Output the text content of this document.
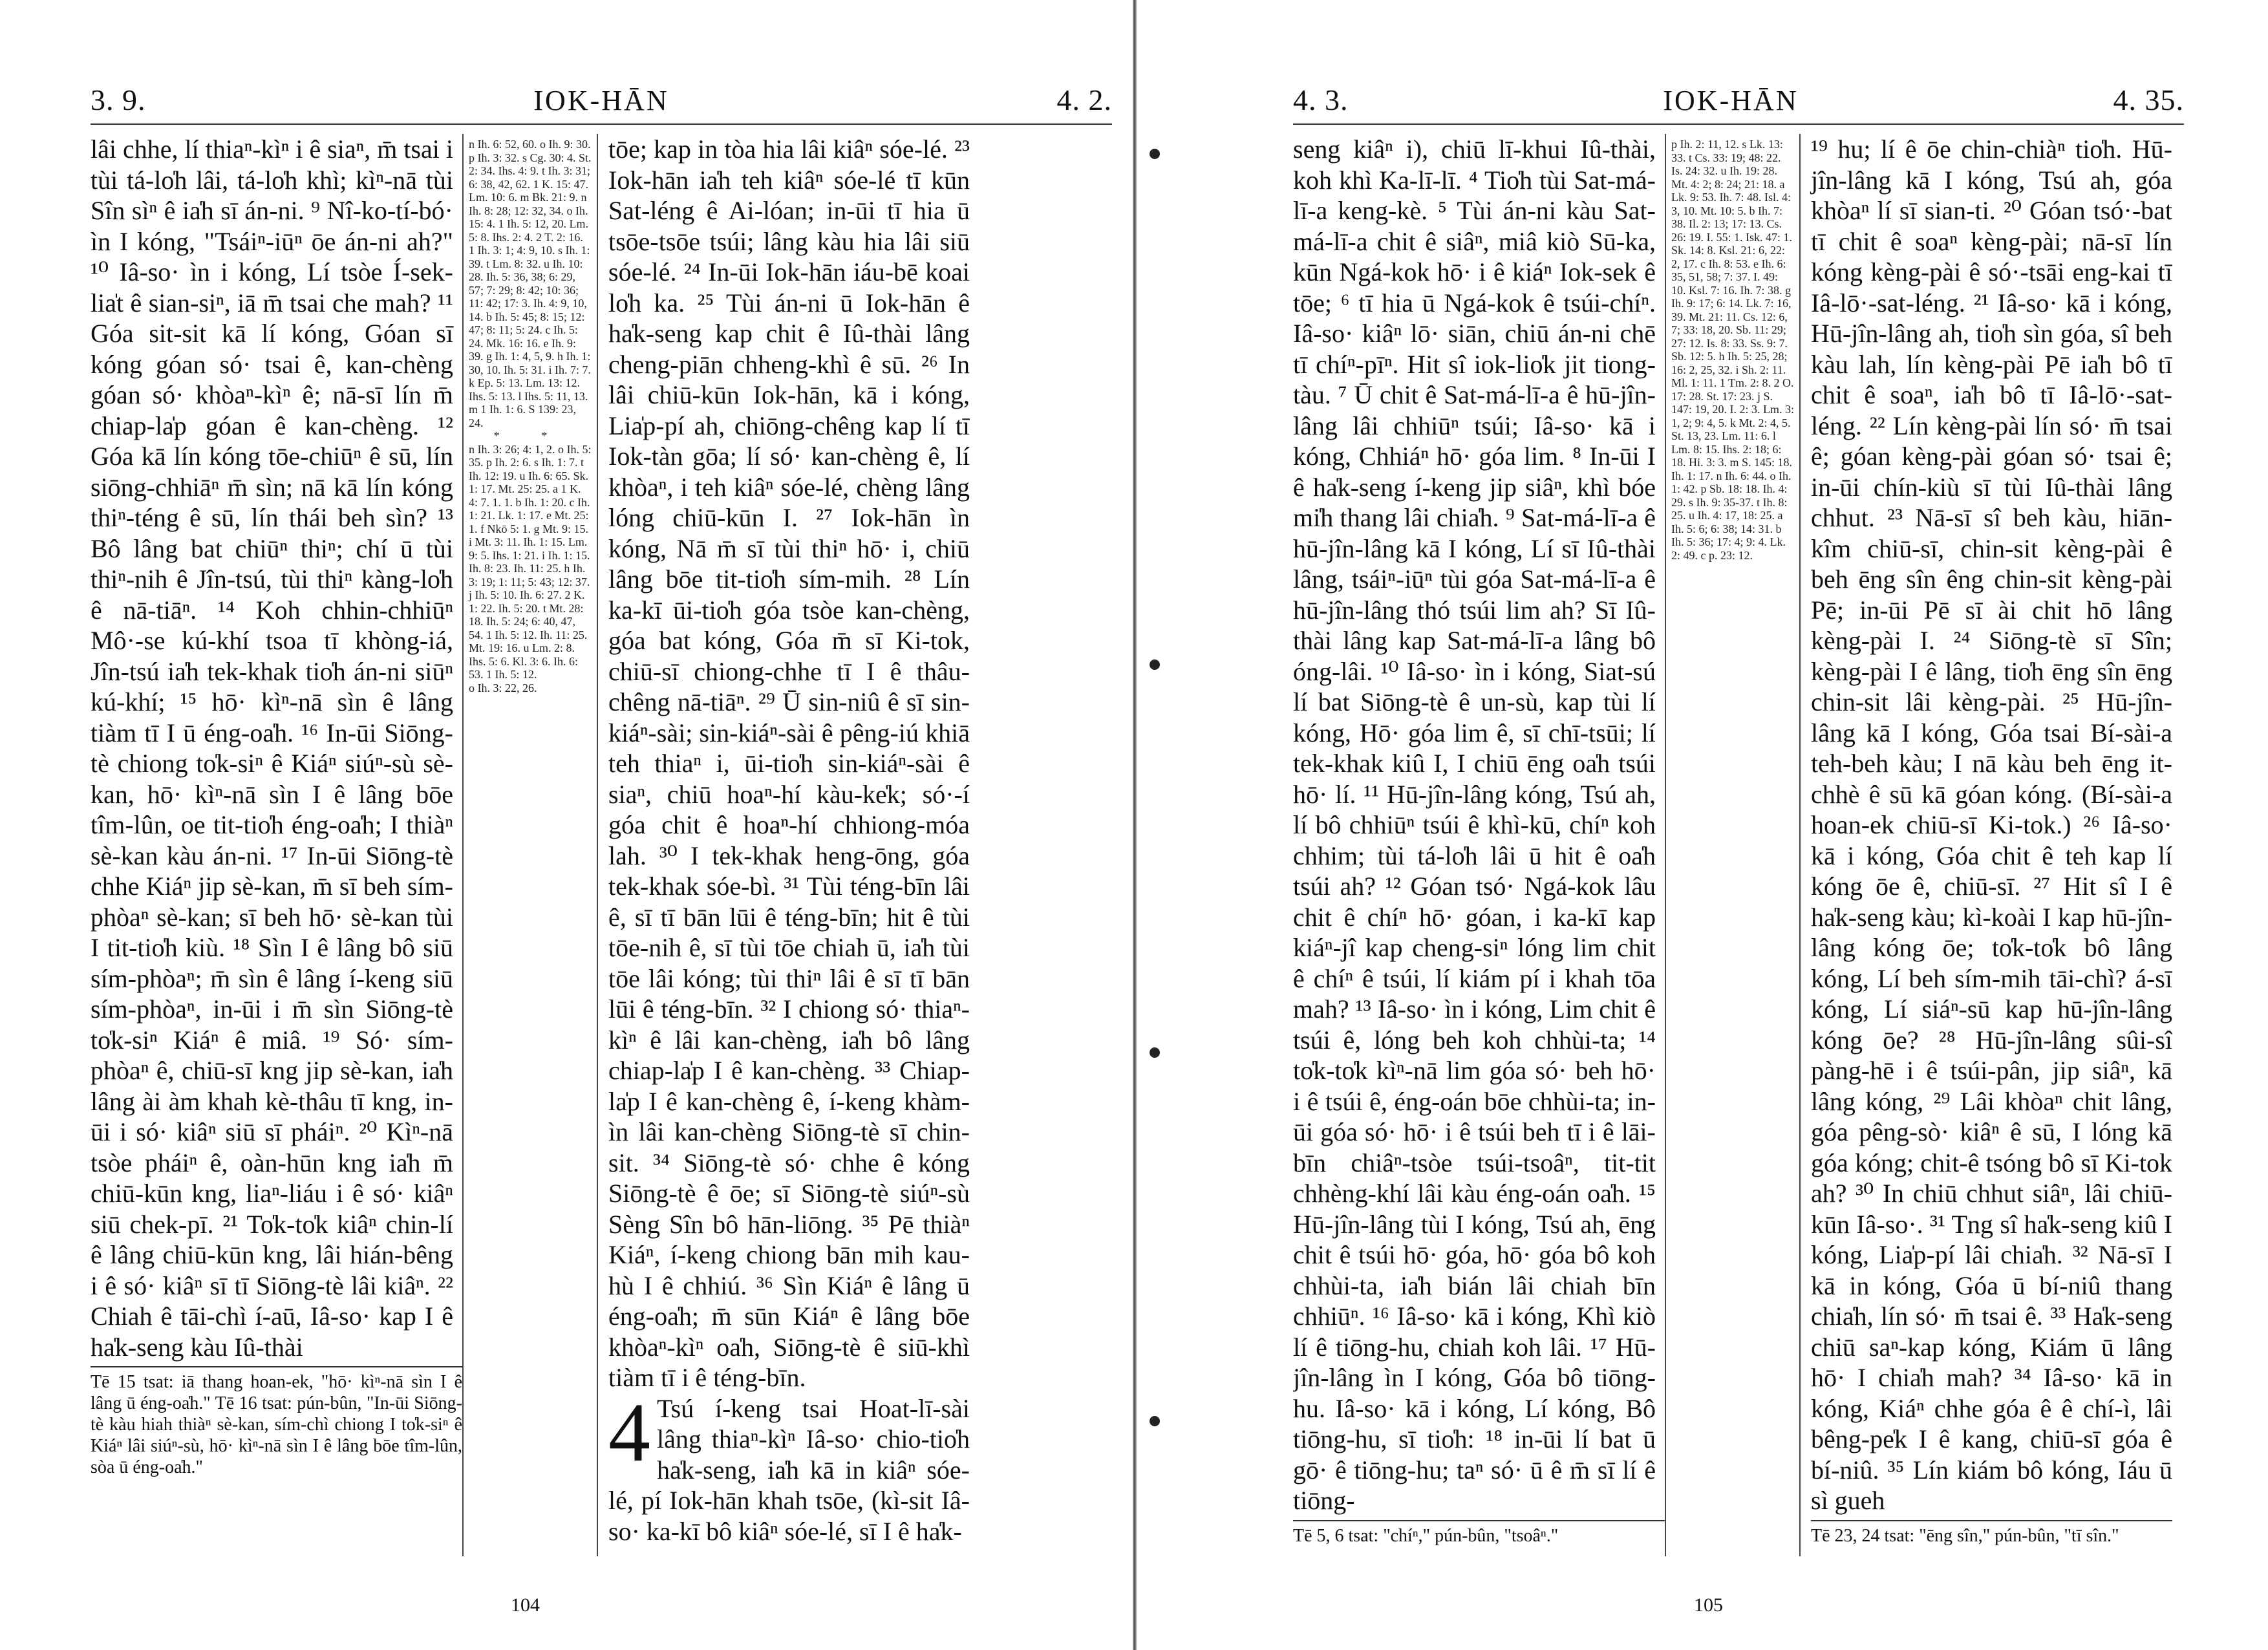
3. 9.	IOK-HĀN	4. 2.
lâi chhe, lí thiaⁿ-kìⁿ i ê siaⁿ, m̄ tsai i tùi tá-lo̍h lâi, tá-lo̍h khì; kìⁿ-nā tùi Sîn sìⁿ ê ia̍h sī án-ni. ⁹ Nî-ko-tí-bó· ìn I kóng, "Tsáiⁿ-iūⁿ ōe án-ni ah?" ¹⁰ Iâ-so· ìn i kóng, Lí tsòe Í-sek-lia̍t ê sian-siⁿ, iā m̄ tsai che mah? ¹¹ Góa sit-sit kā lí kóng, Góan sī kóng góan só· tsai ê, kan-chèng góan só· khòaⁿ-kìⁿ ê; nā-sī lín m̄ chiap-la̍p góan ê kan-chèng. ¹² Góa kā lín kóng tōe-chiūⁿ ê sū, lín siōng-chhiāⁿ m̄ sìn; nā kā lín kóng thiⁿ-téng ê sū, lín thái beh sìn? ¹³ Bô lâng bat chiūⁿ thiⁿ; chí ū tùi thiⁿ-nih ê Jîn-tsú, tùi thiⁿ kàng-lo̍h ê nā-tiāⁿ. ¹⁴ Koh chhin-chhiūⁿ Mô·-se kú-khí tsoa tī khòng-iá, Jîn-tsú ia̍h tek-khak tio̍h án-ni siūⁿ kú-khí; ¹⁵ hō· kìⁿ-nā sìn ê lâng tiàm tī I ū éng-oa̍h. ¹⁶ In-ūi Siōng-tè chiong to̍k-siⁿ ê Kiáⁿ siúⁿ-sù sè-kan, hō· kìⁿ-nā sìn I ê lâng bōe tîm-lûn, oe tit-tio̍h éng-oa̍h; I thiàⁿ sè-kan kàu án-ni. ¹⁷ In-ūi Siōng-tè chhe Kiáⁿ jip sè-kan, m̄ sī beh sím-phòaⁿ sè-kan; sī beh hō· sè-kan tùi I tit-tio̍h kiù. ¹⁸ Sìn I ê lâng bô siū sím-phòaⁿ; m̄ sìn ê lâng í-keng siū sím-phòaⁿ, in-ūi i m̄ sìn Siōng-tè to̍k-siⁿ Kiáⁿ ê miâ. ¹⁹ Só· sím-phòaⁿ ê, chiū-sī kng jip sè-kan, ia̍h lâng ài àm khah kè-thâu tī kng, in-ūi i só· kiâⁿ siū sī pháiⁿ. ²⁰ Kìⁿ-nā tsòe pháiⁿ ê, oàn-hūn kng ia̍h m̄ chiū-kūn kng, liaⁿ-liáu i ê só· kiâⁿ siū chek-pī. ²¹ To̍k-to̍k kiâⁿ chin-lí ê lâng chiū-kūn kng, lâi hián-bêng i ê só· kiâⁿ sī tī Siōng-tè lâi kiâⁿ. ²² Chiah ê tāi-chì í-aū, Iâ-so· kap I ê ha̍k-seng kàu Iû-thài
Tē 15 tsat: iā thang hoan-ek, "hō· kìⁿ-nā sìn I ê lâng ū éng-oa̍h." Tē 16 tsat: pún-bûn, "In-ūi Siōng-tè kàu hiah thiàⁿ sè-kan, sím-chì chiong I to̍k-siⁿ ê Kiáⁿ lâi siúⁿ-sù, hō· kìⁿ-nā sìn I ê lâng bōe tîm-lûn, sòa ū éng-oa̍h."
n Ih. 6: 52, 60. o Ih. 9: 30. p Ih. 3: 32. s Cg. 30: 4. St. 2: 34. Ihs. 4: 9. t Ih. 3: 31; 6: 38, 42, 62. 1 K. 15: 47. Lm. 10: 6. m Bk. 21: 9. n Ih. 8: 28; 12: 32, 34. o Ih. 15: 4. 1 Ih. 5: 12, 20. Lm. 5: 8. Ihs. 2: 4. 2 T. 2: 16. 1 Ih. 3: 1; 4: 9, 10. s Ih. 1: 39. t Lm. 8: 32. u Ih. 10: 28. Ih. 5: 36, 38; 6: 29, 57; 7: 29; 8: 42; 10: 36; 11: 42; 17: 3. Ih. 4: 9, 10, 14. b Ih. 5: 45; 8: 15; 12: 47; 8: 11; 5: 24. c Ih. 5: 24. Mk. 16: 16. e Ih. 9: 39. g Ih. 1: 4, 5, 9. h Ih. 1: 30, 10. Ih. 5: 31. i Ih. 7: 7. k Ep. 5: 13. Lm. 13: 12. Ihs. 5: 13. l Ihs. 5: 11, 13. m 1 Ih. 1: 6. S 139: 23, 24.
* *
n Ih. 3: 26; 4: 1, 2. o Ih. 5: 35. p Ih. 2: 6. s Ih. 1: 7. t Ih. 12: 19. u Ih. 6: 65. Sk. 1: 17. Mt. 25: 25. a 1 K. 4: 7. 1. 1. b Ih. 1: 20. c Ih. 1: 21. Lk. 1: 17. e Mt. 25: 1. f Nkō 5: 1. g Mt. 9: 15. i Mt. 3: 11. Ih. 1: 15. Lm. 9: 5. Ihs. 1: 21. i Ih. 1: 15. Ih. 8: 23. Ih. 11: 25. h Ih. 3: 19; 1: 11; 5: 43; 12: 37. j Ih. 5: 10. Ih. 6: 27. 2 K. 1: 22. Ih. 5: 20. t Mt. 28: 18. Ih. 5: 24; 6: 40, 47, 54. 1 Ih. 5: 12. Ih. 11: 25. Mt. 19: 16. u Lm. 2: 8. Ihs. 5: 6. Kl. 3: 6. Ih. 6: 53. 1 Ih. 5: 12.
o Ih. 3: 22, 26.
tōe; kap in tòa hia lâi kiâⁿ sóe-lé. ²³ Iok-hān ia̍h teh kiâⁿ sóe-lé tī kūn Sat-léng ê Ai-lóan; in-ūi tī hia ū tsōe-tsōe tsúi; lâng kàu hia lâi siū sóe-lé. ²⁴ In-ūi Iok-hān iáu-bē koai lo̍h ka. ²⁵ Tùi án-ni ū Iok-hān ê ha̍k-seng kap chit ê Iû-thài lâng cheng-piān chheng-khì ê sū. ²⁶ In lâi chiū-kūn Iok-hān, kā i kóng, Lia̍p-pí ah, chiōng-chêng kap lí tī Iok-tàn gōa; lí só· kan-chèng ê, lí khòaⁿ, i teh kiâⁿ sóe-lé, chèng lâng lóng chiū-kūn I. ²⁷ Iok-hān ìn kóng, Nā m̄ sī tùi thiⁿ hō· i, chiū lâng bōe tit-tio̍h sím-mih. ²⁸ Lín ka-kī ūi-tio̍h góa tsòe kan-chèng, góa bat kóng, Góa m̄ sī Ki-tok, chiū-sī chiong-chhe tī I ê thâu-chêng nā-tiāⁿ. ²⁹ Ū sin-niû ê sī sin-kiáⁿ-sài; sin-kiáⁿ-sài ê pêng-iú khiā teh thiaⁿ i, ūi-tio̍h sin-kiáⁿ-sài ê siaⁿ, chiū hoaⁿ-hí kàu-ke̍k; só·-í góa chit ê hoaⁿ-hí chhiong-móa lah. ³⁰ I tek-khak heng-ōng, góa tek-khak sóe-bì. ³¹ Tùi téng-bīn lâi ê, sī tī bān lūi ê téng-bīn; hit ê tùi tōe-nih ê, sī tùi tōe chiah ū, ia̍h tùi tōe lâi kóng; tùi thiⁿ lâi ê sī tī bān lūi ê téng-bīn. ³² I chiong só· thiaⁿ-kìⁿ ê lâi kan-chèng, ia̍h bô lâng chiap-la̍p I ê kan-chèng. ³³ Chiap-la̍p I ê kan-chèng ê, í-keng khàm-ìn lâi kan-chèng Siōng-tè sī chin-sit. ³⁴ Siōng-tè só· chhe ê kóng Siōng-tè ê ōe; sī Siōng-tè siúⁿ-sù Sèng Sîn bô hān-liōng. ³⁵ Pē thiàⁿ Kiáⁿ, í-keng chiong bān mih kau-hù I ê chhiú. ³⁶ Sìn Kiáⁿ ê lâng ū éng-oa̍h; m̄ sūn Kiáⁿ ê lâng bōe khòaⁿ-kìⁿ oa̍h, Siōng-tè ê siū-khì tiàm tī i ê téng-bīn.
4 Tsú í-keng tsai Hoat-lī-sài lâng thiaⁿ-kìⁿ Iâ-so· chio-tio̍h ha̍k-seng, ia̍h kā in kiâⁿ sóe-lé, pí Iok-hān khah tsōe, (kì-sit Iâ-so· ka-kī bô kiâⁿ sóe-lé, sī I ê ha̍k-
104
4. 3.	IOK-HĀN	4. 35.
seng kiâⁿ i), chiū lī-khui Iû-thài, koh khì Ka-lī-lī. ⁴ Tio̍h tùi Sat-má-lī-a keng-kè. ⁵ Tùi án-ni kàu Sat-má-lī-a chit ê siâⁿ, miâ kiò Sū-ka, kūn Ngá-kok hō· i ê kiáⁿ Iok-sek ê tōe; ⁶ tī hia ū Ngá-kok ê tsúi-chíⁿ. Iâ-so· kiâⁿ lō· siān, chiū án-ni chē tī chíⁿ-pīⁿ. Hit sî iok-lio̍k jit tiong-tàu. ⁷ Ū chit ê Sat-má-lī-a ê hū-jîn-lâng lâi chhiūⁿ tsúi; Iâ-so· kā i kóng, Chhiáⁿ hō· góa lim. ⁸ In-ūi I ê ha̍k-seng í-keng jip siâⁿ, khì bóe mi̍h thang lâi chia̍h. ⁹ Sat-má-lī-a ê hū-jîn-lâng kā I kóng, Lí sī Iû-thài lâng, tsáiⁿ-iūⁿ tùi góa Sat-má-lī-a ê hū-jîn-lâng thó tsúi lim ah? Sī Iû-thài lâng kap Sat-má-lī-a lâng bô óng-lâi. ¹⁰ Iâ-so· ìn i kóng, Siat-sú lí bat Siōng-tè ê un-sù, kap tùi lí kóng, Hō· góa lim ê, sī chī-tsūi; lí tek-khak kiû I, I chiū ēng oa̍h tsúi hō· lí. ¹¹ Hū-jîn-lâng kóng, Tsú ah, lí bô chhiūⁿ tsúi ê khì-kū, chíⁿ koh chhim; tùi tá-lo̍h lâi ū hit ê oa̍h tsúi ah? ¹² Góan tsó· Ngá-kok lâu chit ê chíⁿ hō· góan, i ka-kī kap kiáⁿ-jî kap cheng-siⁿ lóng lim chit ê chíⁿ ê tsúi, lí kiám pí i khah tōa mah? ¹³ Iâ-so· ìn i kóng, Lim chit ê tsúi ê, lóng beh koh chhùi-ta; ¹⁴ to̍k-to̍k kìⁿ-nā lim góa só· beh hō· i ê tsúi ê, éng-oán bōe chhùi-ta; in-ūi góa só· hō· i ê tsúi beh tī i ê lāi-bīn chiâⁿ-tsòe tsúi-tsoâⁿ, tit-tit chhèng-khí lâi kàu éng-oán oa̍h. ¹⁵ Hū-jîn-lâng tùi I kóng, Tsú ah, ēng chit ê tsúi hō· góa, hō· góa bô koh chhùi-ta, ia̍h bián lâi chiah bīn chhiūⁿ. ¹⁶ Iâ-so· kā i kóng, Khì kiò lí ê tiōng-hu, chiah koh lâi. ¹⁷ Hū-jîn-lâng ìn I kóng, Góa bô tiōng-hu. Iâ-so· kā i kóng, Lí kóng, Bô tiōng-hu, sī tio̍h: ¹⁸ in-ūi lí bat ū gō· ê tiōng-hu; taⁿ só· ū ê m̄ sī lí ê tiōng-
Tē 5, 6 tsat: "chíⁿ," pún-bûn, "tsoâⁿ."
p Ih. 2: 11, 12. s Lk. 13: 33. t Cs. 33: 19; 48: 22. Is. 24: 32. u Ih. 19: 28. Mt. 4: 2; 8: 24; 21: 18. a Lk. 9: 53. Ih. 7: 48. Isl. 4: 3, 10. Mt. 10: 5. b Ih. 7: 38. Il. 2: 13; 17: 13. Cs. 26: 19. I. 55: 1. Isk. 47: 1. Sk. 14: 8. Ksl. 21: 6, 22: 2, 17. c Ih. 8: 53. e Ih. 6: 35, 51, 58; 7: 37. I. 49: 10. Ksl. 7: 16. Ih. 7: 38. g Ih. 9: 17; 6: 14. Lk. 7: 16, 39. Mt. 21: 11. Cs. 12: 6, 7; 33: 18, 20. Sb. 11: 29; 27: 12. Is. 8: 33. Ss. 9: 7. Sb. 12: 5. h Ih. 5: 25, 28; 16: 2, 25, 32. i Sh. 2: 11. Ml. 1: 11. 1 Tm. 2: 8. 2 O. 17: 28. St. 17: 23. j S. 147: 19, 20. I. 2: 3. Lm. 3: 1, 2; 9: 4, 5. k Mt. 2: 4, 5. St. 13, 23. Lm. 11: 6. l Lm. 8: 15. Ihs. 2: 18; 6: 18. Hi. 3: 3. m S. 145: 18. Ih. 1: 17. n Ih. 6: 44. o Ih. 1: 42. p Sb. 18: 18. Ih. 4: 29. s Ih. 9: 35-37. t Ih. 8: 25. u Ih. 4: 17, 18: 25. a Ih. 5: 6; 6: 38; 14: 31. b Ih. 5: 36; 17: 4; 9: 4. Lk. 2: 49. c p. 23: 12.
¹⁹ hu; lí ê ōe chin-chiàⁿ tio̍h. Hū-jîn-lâng kā I kóng, Tsú ah, góa khòaⁿ lí sī sian-ti. ²⁰ Góan tsó·-bat tī chit ê soaⁿ kèng-pài; nā-sī lín kóng kèng-pài ê só·-tsāi eng-kai tī Iâ-lō·-sat-léng. ²¹ Iâ-so· kā i kóng, Hū-jîn-lâng ah, tio̍h sìn góa, sî beh kàu lah, lín kèng-pài Pē ia̍h bô tī chit ê soaⁿ, ia̍h bô tī Iâ-lō·-sat-léng. ²² Lín kèng-pài lín só· m̄ tsai ê; góan kèng-pài góan só· tsai ê; in-ūi chín-kiù sī tùi Iû-thài lâng chhut. ²³ Nā-sī sî beh kàu, hiān-kîm chiū-sī, chin-sit kèng-pài ê beh ēng sîn êng chin-sit kèng-pài Pē; in-ūi Pē sī ài chit hō lâng kèng-pài I. ²⁴ Siōng-tè sī Sîn; kèng-pài I ê lâng, tio̍h ēng sîn ēng chin-sit lâi kèng-pài. ²⁵ Hū-jîn-lâng kā I kóng, Góa tsai Bí-sài-a teh-beh kàu; I nā kàu beh ēng it-chhè ê sū kā góan kóng. (Bí-sài-a hoan-ek chiū-sī Ki-tok.) ²⁶ Iâ-so· kā i kóng, Góa chit ê teh kap lí kóng ōe ê, chiū-sī. ²⁷ Hit sî I ê ha̍k-seng kàu; kì-koài I kap hū-jîn-lâng kóng ōe; to̍k-to̍k bô lâng kóng, Lí beh sím-mih tāi-chì? á-sī kóng, Lí siáⁿ-sū kap hū-jîn-lâng kóng ōe? ²⁸ Hū-jîn-lâng sûi-sî pàng-hē i ê tsúi-pân, jip siâⁿ, kā lâng kóng, ²⁹ Lâi khòaⁿ chit lâng, góa pêng-sò· kiâⁿ ê sū, I lóng kā góa kóng; chit-ê tsóng bô sī Ki-tok ah? ³⁰ In chiū chhut siâⁿ, lâi chiū-kūn Iâ-so·. ³¹ Tng sî ha̍k-seng kiû I kóng, Lia̍p-pí lâi chia̍h. ³² Nā-sī I kā in kóng, Góa ū bí-niû thang chia̍h, lín só· m̄ tsai ê. ³³ Ha̍k-seng chiū saⁿ-kap kóng, Kiám ū lâng hō· I chia̍h mah? ³⁴ Iâ-so· kā in kóng, Kiáⁿ chhe góa ê ê chí-ì, lâi bêng-pe̍k I ê kang, chiū-sī góa ê bí-niû. ³⁵ Lín kiám bô kóng, Iáu ū sì gueh
Tē 23, 24 tsat: "ēng sîn," pún-bûn, "tī sîn."
105
